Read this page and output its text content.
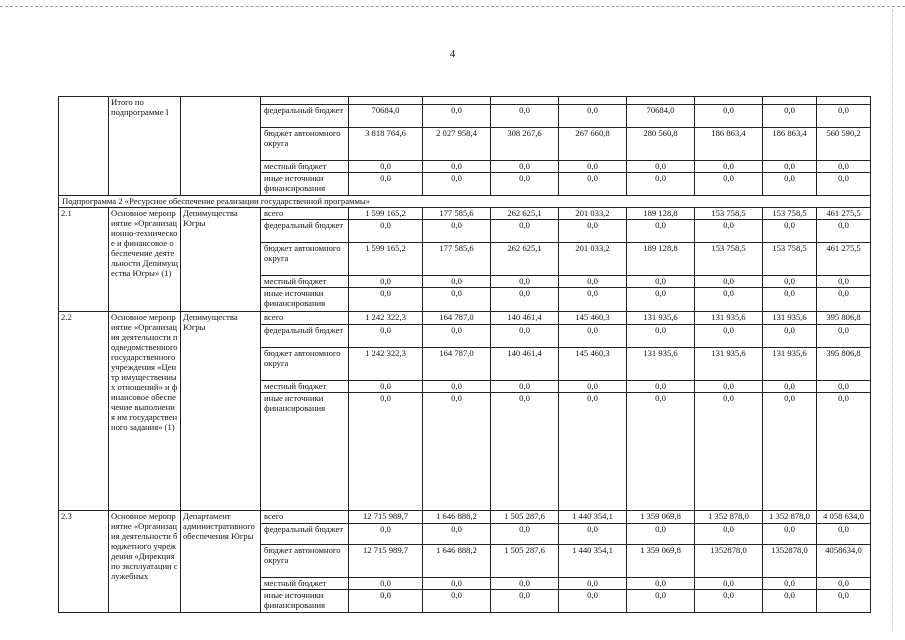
4
	Итого по подпрограмме I										
			федеральный бюджет	70684,0	0,0	0,0	0,0	70684,0	0,0	0,0	0,0
			бюджет автономного округа	3 818 764,6	2 027 958,4	308 267,6	267 660,8	280 560,8	186 863,4	186 863,4	560 590,2
			местный бюджет	0,0	0,0	0,0	0,0	0,0	0,0	0,0	0,0
			иные источники финансирования	0,0	0,0	0,0	0,0	0,0	0,0	0,0	0,0
Подпрограмма 2 «Ресурсное обеспечение реализации государственной программы»											
2.1	Основное мероприятие «Организационно-техническое и финансовое обеспечение деятельности Депимущества Югры» (1)	Депимущества Югры	всего	1 599 165,2	177 585,6	262 625,1	201 033,2	189 128,8	153 758,5	153 758,5	461 275,5
			федеральный бюджет	0,0	0,0	0,0	0,0	0,0	0,0	0,0	0,0
			бюджет автономного округа	1 599 165,2	177 585,6	262 625,1	201 033,2	189 128,8	153 758,5	153 758,5	461 275,5
			местный бюджет	0,0	0,0	0,0	0,0	0,0	0,0	0,0	0,0
			иные источники финансирования	0,0	0,0	0,0	0,0	0,0	0,0	0,0	0,0
2.2	Основное мероприятие «Организация деятельности подведомственного государственного учреждения «Центр имущественных отношений» и финансовое обеспечение выполнения им государственного задания» (1)	Депимущества Югры	всего	1 242 322,3	164 787,0	140 461,4	145 460,3	131 935,6	131 935,6	131 935,6	395 806,8
			федеральный бюджет	0,0	0,0	0,0	0,0	0,0	0,0	0,0	0,0
			бюджет автономного округа	1 242 322,3	164 787,0	140 461,4	145 460,3	131 935,6	131 935,6	131 935,6	395 806,8
			местный бюджет	0,0	0,0	0,0	0,0	0,0	0,0	0,0	0,0
			иные источники финансирования	0,0	0,0	0,0	0,0	0,0	0,0	0,0	0,0
2.3	Основное мероприятие «Организация деятельности бюджетного учреждения «Дирекция по эксплуатации служебных	Департамент административного обеспечения Югры	всего	12 715 989,7	1 646 888,2	1 505 287,6	1 440 354,1	1 359 069,8	1 352 878,0	1 352 878,0	4 058 634,0
			федеральный бюджет	0,0	0,0	0,0	0,0	0,0	0,0	0,0	0,0
			бюджет автономного округа	12 715 989,7	1 646 888,2	1 505 287,6	1 440 354,1	1 359 069,8	1352878,0	1352878,0	4058634,0
			местный бюджет	0,0	0,0	0,0	0,0	0,0	0,0	0,0	0,0
			иные источники финансирования	0,0	0,0	0,0	0,0	0,0	0,0	0,0	0,0
